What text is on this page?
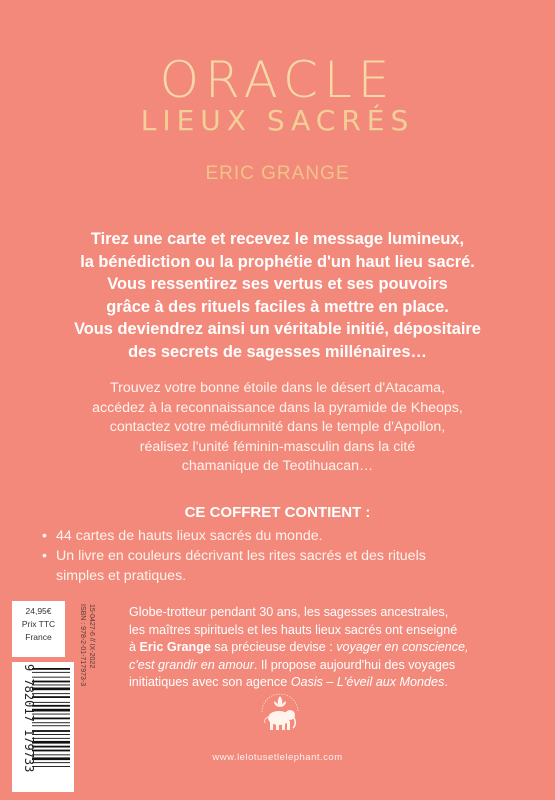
ORACLE
LIEUX SACRÉS
ERIC GRANGE
Tirez une carte et recevez le message lumineux,
la bénédiction ou la prophétie d'un haut lieu sacré.
Vous ressentirez ses vertus et ses pouvoirs
grâce à des rituels faciles à mettre en place.
Vous deviendrez ainsi un véritable initié, dépositaire
des secrets de sagesses millénaires…
Trouvez votre bonne étoile dans le désert d'Atacama,
accédez à la reconnaissance dans la pyramide de Kheops,
contactez votre médiumnité dans le temple d'Apollon,
réalisez l'unité féminin-masculin dans la cité
chamanique de Teotihuacan…
CE COFFRET CONTIENT :
• 44 cartes de hauts lieux sacrés du monde.
• Un livre en couleurs décrivant les rites sacrés et des rituels
simples et pratiques.
24,95€
Prix TTC
France
9 782017 179733
15-0427-6 // IX-2022
ISBN : 978-2-01-717973-3	Globe-trotteur pendant 30 ans, les sagesses ancestrales,
les maîtres spirituels et les hauts lieux sacrés ont enseigné
à Eric Grange sa précieuse devise : voyager en conscience,
c'est grandir en amour. Il propose aujourd'hui des voyages
initiatiques avec son agence Oasis – L'éveil aux Mondes.
www.lelotusetlelephant.com
